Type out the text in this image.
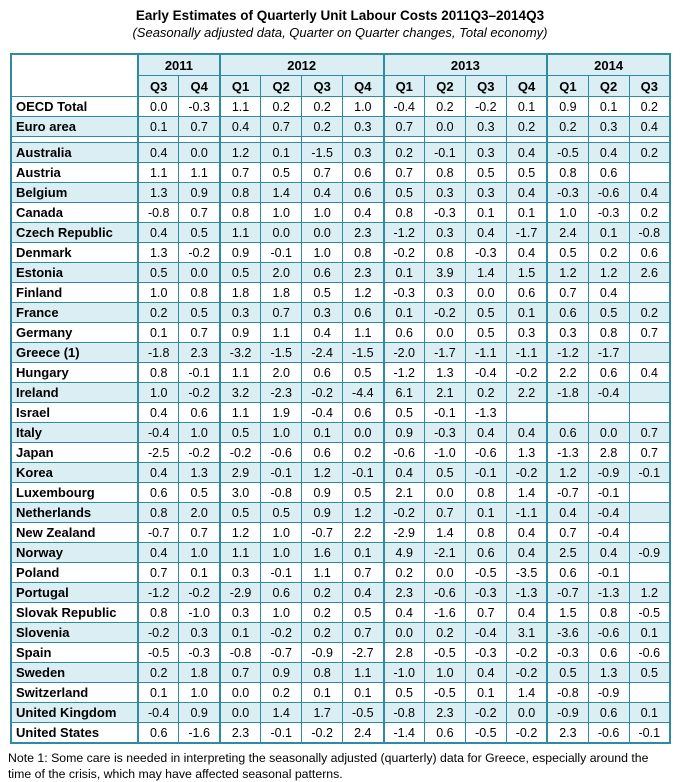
Early Estimates of Quarterly Unit Labour Costs 2011Q3–2014Q3
(Seasonally adjusted data, Quarter on Quarter changes, Total economy)
	2011		2012				2013				2014		
	Q3	Q4	Q1	Q2	Q3	Q4	Q1	Q2	Q3	Q4	Q1	Q2	Q3
OECD Total	0.0	-0.3	1.1	0.2	0.2	1.0	-0.4	0.2	-0.2	0.1	0.9	0.1	0.2
Euro area	0.1	0.7	0.4	0.7	0.2	0.3	0.7	0.0	0.3	0.2	0.2	0.3	0.4

Australia	0.4	0.0	1.2	0.1	-1.5	0.3	0.2	-0.1	0.3	0.4	-0.5	0.4	0.2
Austria	1.1	1.1	0.7	0.5	0.7	0.6	0.7	0.8	0.5	0.5	0.8	0.6	
Belgium	1.3	0.9	0.8	1.4	0.4	0.6	0.5	0.3	0.3	0.4	-0.3	-0.6	0.4
Canada	-0.8	0.7	0.8	1.0	1.0	0.4	0.8	-0.3	0.1	0.1	1.0	-0.3	0.2
Czech Republic	0.4	0.5	1.1	0.0	0.0	2.3	-1.2	0.3	0.4	-1.7	2.4	0.1	-0.8
Denmark	1.3	-0.2	0.9	-0.1	1.0	0.8	-0.2	0.8	-0.3	0.4	0.5	0.2	0.6
Estonia	0.5	0.0	0.5	2.0	0.6	2.3	0.1	3.9	1.4	1.5	1.2	1.2	2.6
Finland	1.0	0.8	1.8	1.8	0.5	1.2	-0.3	0.3	0.0	0.6	0.7	0.4	
France	0.2	0.5	0.3	0.7	0.3	0.6	0.1	-0.2	0.5	0.1	0.6	0.5	0.2
Germany	0.1	0.7	0.9	1.1	0.4	1.1	0.6	0.0	0.5	0.3	0.3	0.8	0.7
Greece (1)	-1.8	2.3	-3.2	-1.5	-2.4	-1.5	-2.0	-1.7	-1.1	-1.1	-1.2	-1.7	
Hungary	0.8	-0.1	1.1	2.0	0.6	0.5	-1.2	1.3	-0.4	-0.2	2.2	0.6	0.4
Ireland	1.0	-0.2	3.2	-2.3	-0.2	-4.4	6.1	2.1	0.2	2.2	-1.8	-0.4	
Israel	0.4	0.6	1.1	1.9	-0.4	0.6	0.5	-0.1	-1.3				
Italy	-0.4	1.0	0.5	1.0	0.1	0.0	0.9	-0.3	0.4	0.4	0.6	0.0	0.7
Japan	-2.5	-0.2	-0.2	-0.6	0.6	0.2	-0.6	-1.0	-0.6	1.3	-1.3	2.8	0.7
Korea	0.4	1.3	2.9	-0.1	1.2	-0.1	0.4	0.5	-0.1	-0.2	1.2	-0.9	-0.1
Luxembourg	0.6	0.5	3.0	-0.8	0.9	0.5	2.1	0.0	0.8	1.4	-0.7	-0.1	
Netherlands	0.8	2.0	0.5	0.5	0.9	1.2	-0.2	0.7	0.1	-1.1	0.4	-0.4	
New Zealand	-0.7	0.7	1.2	1.0	-0.7	2.2	-2.9	1.4	0.8	0.4	0.7	-0.4	
Norway	0.4	1.0	1.1	1.0	1.6	0.1	4.9	-2.1	0.6	0.4	2.5	0.4	-0.9
Poland	0.7	0.1	0.3	-0.1	1.1	0.7	0.2	0.0	-0.5	-3.5	0.6	-0.1	
Portugal	-1.2	-0.2	-2.9	0.6	0.2	0.4	2.3	-0.6	-0.3	-1.3	-0.7	-1.3	1.2
Slovak Republic	0.8	-1.0	0.3	1.0	0.2	0.5	0.4	-1.6	0.7	0.4	1.5	0.8	-0.5
Slovenia	-0.2	0.3	0.1	-0.2	0.2	0.7	0.0	0.2	-0.4	3.1	-3.6	-0.6	0.1
Spain	-0.5	-0.3	-0.8	-0.7	-0.9	-2.7	2.8	-0.5	-0.3	-0.2	-0.3	0.6	-0.6
Sweden	0.2	1.8	0.7	0.9	0.8	1.1	-1.0	1.0	0.4	-0.2	0.5	1.3	0.5
Switzerland	0.1	1.0	0.0	0.2	0.1	0.1	0.5	-0.5	0.1	1.4	-0.8	-0.9	
United Kingdom	-0.4	0.9	0.0	1.4	1.7	-0.5	-0.8	2.3	-0.2	0.0	-0.9	0.6	0.1
United States	0.6	-1.6	2.3	-0.1	-0.2	2.4	-1.4	0.6	-0.5	-0.2	2.3	-0.6	-0.1
Note 1: Some care is needed in interpreting the seasonally adjusted (quarterly) data for Greece, especially around the time of the crisis, which may have affected seasonal patterns.
